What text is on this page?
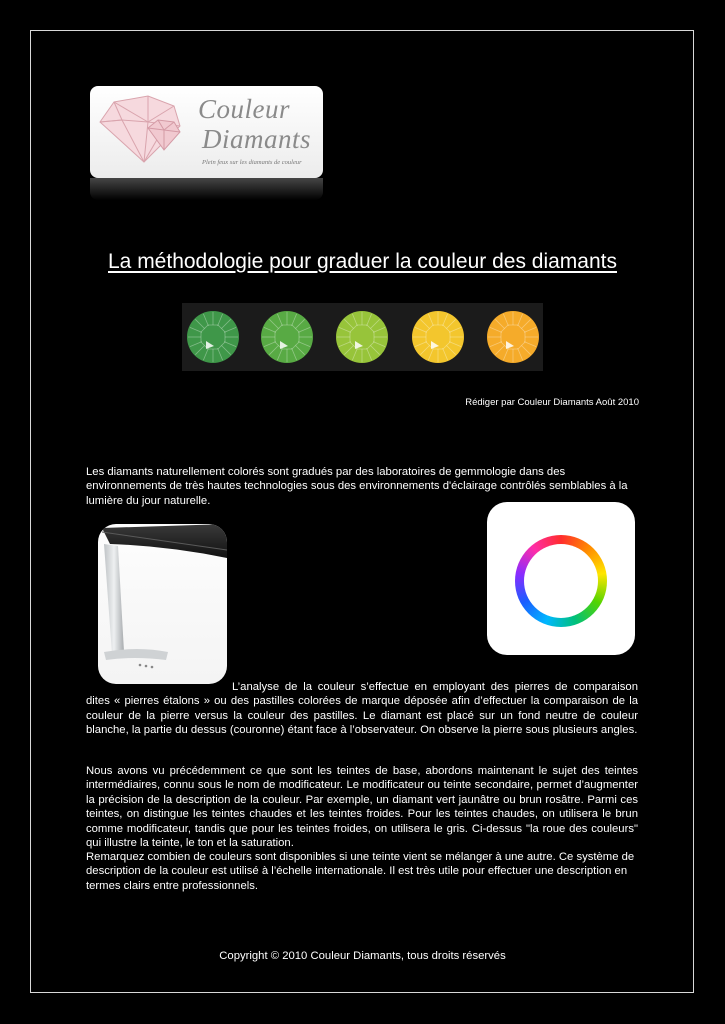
Couleur
Diamants
Plein feux sur les diamants de couleur
La méthodologie pour graduer la couleur des diamants
Rédiger par Couleur Diamants Août 2010

Les diamants naturellement colorés sont gradués par des laboratoires de gemmologie dans des environnements de très hautes technologies sous des environnements d'éclairage contrôlés semblables à la lumière du jour naturelle.

L’analyse de la couleur s’effectue en employant des pierres de comparaison dites « pierres étalons » ou des pastilles colorées de marque déposée afin d’effectuer la comparaison de la couleur de la pierre versus la couleur des pastilles. Le diamant est placé sur un fond neutre de couleur blanche, la partie du dessus (couronne) étant face à l’observateur. On observe la pierre sous plusieurs angles.

Nous avons vu précédemment ce que sont les teintes de base, abordons maintenant le sujet des teintes intermédiaires, connu sous le nom de modificateur. Le modificateur ou teinte secondaire, permet d’augmenter la précision de la description de la couleur. Par exemple, un diamant vert jaunâtre ou brun rosâtre. Parmi ces teintes, on distingue les teintes chaudes et les teintes froides. Pour les teintes chaudes, on utilisera le brun comme modificateur, tandis que pour les teintes froides, on utilisera le gris. Ci-dessus "la roue des couleurs" qui illustre la teinte, le ton et la saturation.

Remarquez combien de couleurs sont disponibles si une teinte vient se mélanger à une autre. Ce système de description de la couleur est utilisé à l’échelle internationale. Il est très utile pour effectuer une description en termes clairs entre professionnels.

Copyright © 2010 Couleur Diamants, tous droits réservés
